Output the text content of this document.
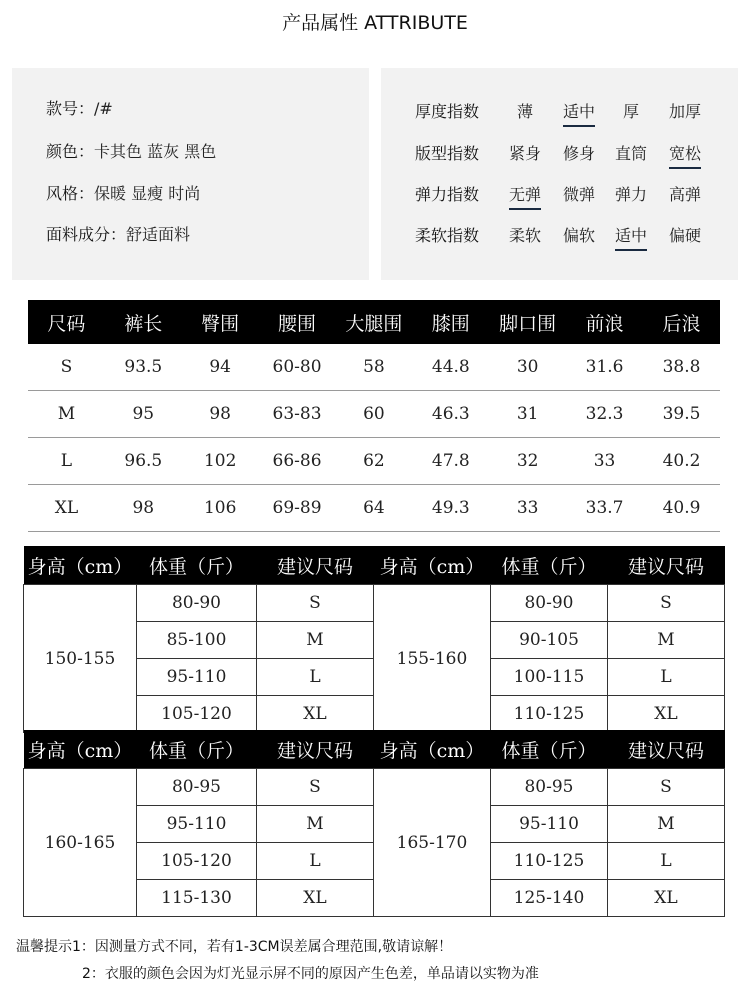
产品属性 ATTRIBUTE
款号：/#
颜色：卡其色 蓝灰 黑色
风格：保暖 显瘦 时尚
面料成分：舒适面料
厚度指数	薄	适中	厚	加厚
版型指数	紧身	修身	直筒	宽松
弹力指数	无弹	微弹	弹力	高弹
柔软指数	柔软	偏软	适中	偏硬
尺码	裤长	臀围	腰围	大腿围	膝围	脚口围	前浪	后浪
S	93.5	94	60-80	58	44.8	30	31.6	38.8
M	95	98	63-83	60	46.3	31	32.3	39.5
L	96.5	102	66-86	62	47.8	32	33	40.2
XL	98	106	69-89	64	49.3	33	33.7	40.9
身高（cm）	体重（斤）	建议尺码	身高（cm）	体重（斤）	建议尺码
150-155	80-90	S	155-160	80-90	S
	85-100	M		90-105	M
	95-110	L		100-115	L
	105-120	XL		110-125	XL
身高（cm）	体重（斤）	建议尺码	身高（cm）	体重（斤）	建议尺码
160-165	80-95	S	165-170	80-95	S
	95-110	M		95-110	M
	105-120	L		110-125	L
	115-130	XL		125-140	XL
温馨提示1：因测量方式不同，若有1-3CM误差属合理范围,敬请谅解！
2：衣服的颜色会因为灯光显示屏不同的原因产生色差，单品请以实物为准
